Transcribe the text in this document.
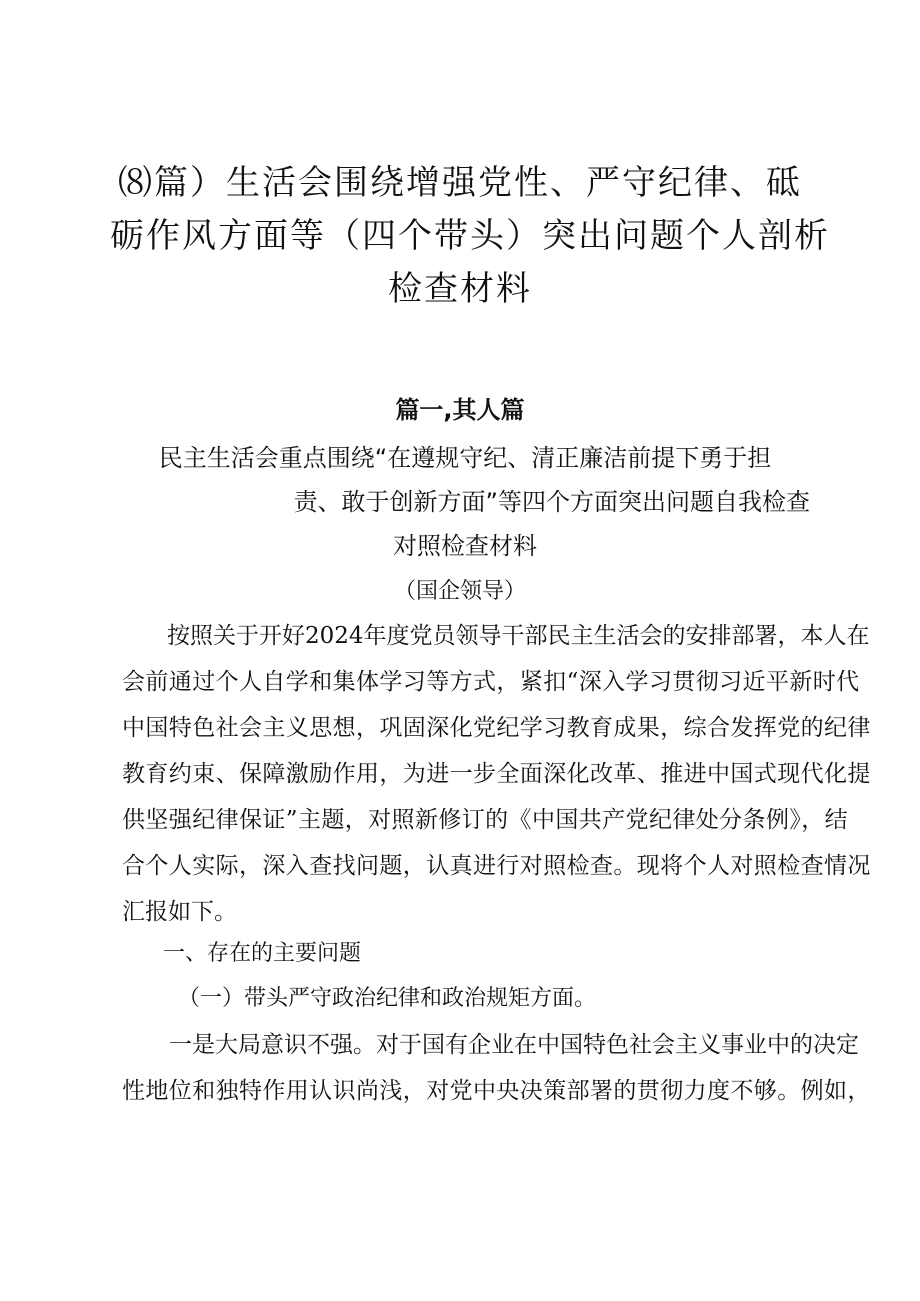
⑻篇）生活会围绕增强党性、严守纪律、砥
砺作风方面等（四个带头）突出问题个人剖析
检查材料
篇一,其人篇
民主生活会重点围绕“在遵规守纪、清正廉洁前提下勇于担
责、敢于创新方面”等四个方面突出问题自我检查
对照检查材料
（国企领导）
按照关于开好2024年度党员领导干部民主生活会的安排部署，本人在
会前通过个人自学和集体学习等方式，紧扣“深入学习贯彻习近平新时代
中国特色社会主义思想，巩固深化党纪学习教育成果，综合发挥党的纪律
教育约束、保障激励作用，为进一步全面深化改革、推进中国式现代化提
供坚强纪律保证”主题，对照新修订的《中国共产党纪律处分条例》，结
合个人实际，深入查找问题，认真进行对照检查。现将个人对照检查情况
汇报如下。
一、存在的主要问题
（一）带头严守政治纪律和政治规矩方面。
一是大局意识不强。对于国有企业在中国特色社会主义事业中的决定
性地位和独特作用认识尚浅，对党中央决策部署的贯彻力度不够。例如，
